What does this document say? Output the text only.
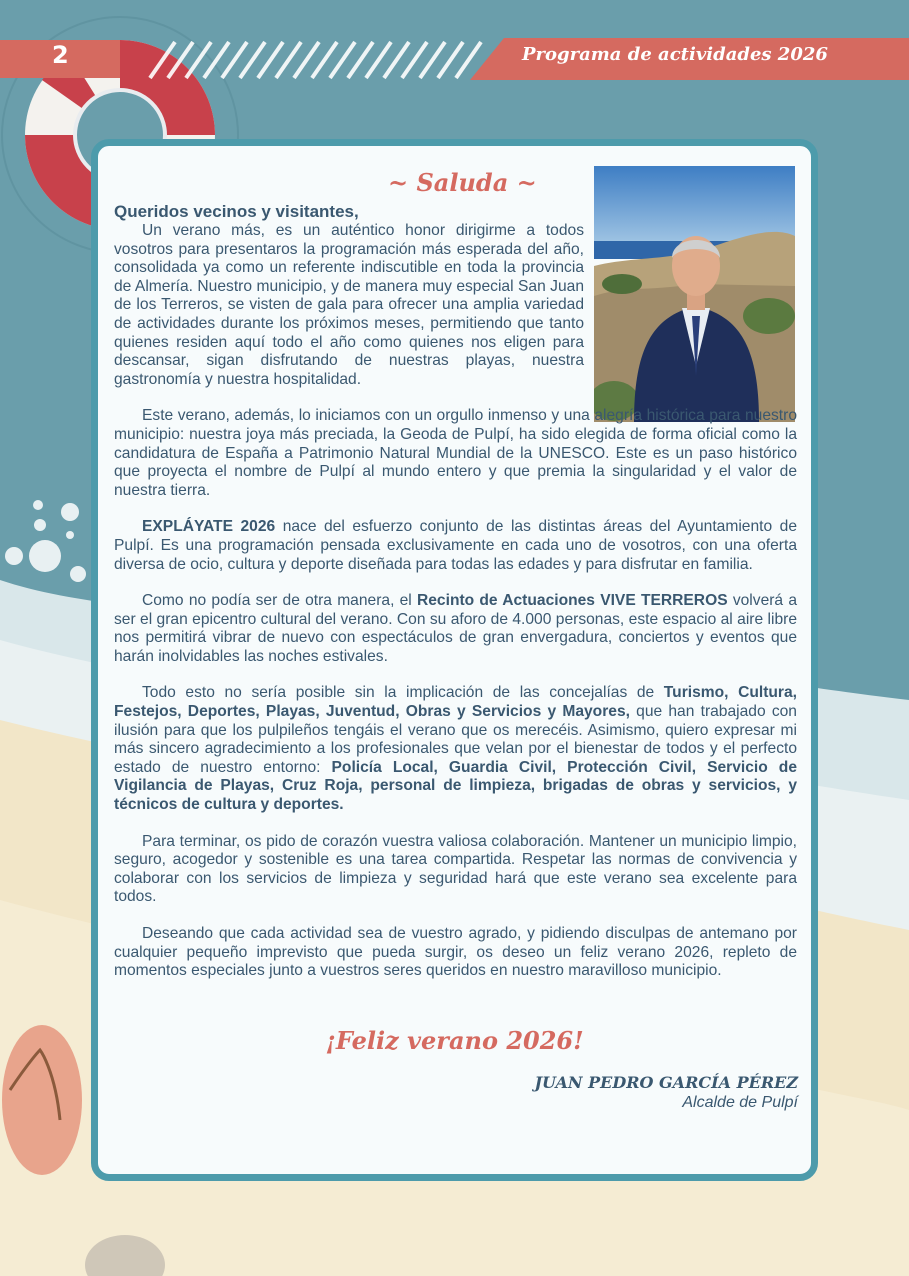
2	Programa de actividades 2026
~ Saluda ~

Queridos vecinos y visitantes,

Un verano más, es un auténtico honor dirigirme a todos vosotros para presentaros la programación más esperada del año, consolidada ya como un referente indiscutible en toda la provincia de Almería. Nuestro municipio, y de manera muy especial San Juan de los Terreros, se visten de gala para ofrecer una amplia variedad de actividades durante los próximos meses, permitiendo que tanto quienes residen aquí todo el año como quienes nos eligen para descansar, sigan disfrutando de nuestras playas, nuestra gastronomía y nuestra hospitalidad.

Este verano, además, lo iniciamos con un orgullo inmenso y una alegría histórica para nuestro municipio: nuestra joya más preciada, la Geoda de Pulpí, ha sido elegida de forma oficial como la candidatura de España a Patrimonio Natural Mundial de la UNESCO. Este es un paso histórico que proyecta el nombre de Pulpí al mundo entero y que premia la singularidad y el valor de nuestra tierra.

EXPLÁYATE 2026 nace del esfuerzo conjunto de las distintas áreas del Ayuntamiento de Pulpí. Es una programación pensada exclusivamente en cada uno de vosotros, con una oferta diversa de ocio, cultura y deporte diseñada para todas las edades y para disfrutar en familia.

Como no podía ser de otra manera, el Recinto de Actuaciones VIVE TERREROS volverá a ser el gran epicentro cultural del verano. Con su aforo de 4.000 personas, este espacio al aire libre nos permitirá vibrar de nuevo con espectáculos de gran envergadura, conciertos y eventos que harán inolvidables las noches estivales.

Todo esto no sería posible sin la implicación de las concejalías de Turismo, Cultura, Festejos, Deportes, Playas, Juventud, Obras y Servicios y Mayores, que han trabajado con ilusión para que los pulpileños tengáis el verano que os merecéis. Asimismo, quiero expresar mi más sincero agradecimiento a los profesionales que velan por el bienestar de todos y el perfecto estado de nuestro entorno: Policía Local, Guardia Civil, Protección Civil, Servicio de Vigilancia de Playas, Cruz Roja, personal de limpieza, brigadas de obras y servicios, y técnicos de cultura y deportes.

Para terminar, os pido de corazón vuestra valiosa colaboración. Mantener un municipio limpio, seguro, acogedor y sostenible es una tarea compartida. Respetar las normas de convivencia y colaborar con los servicios de limpieza y seguridad hará que este verano sea excelente para todos.

Deseando que cada actividad sea de vuestro agrado, y pidiendo disculpas de antemano por cualquier pequeño imprevisto que pueda surgir, os deseo un feliz verano 2026, repleto de momentos especiales junto a vuestros seres queridos en nuestro maravilloso municipio.

¡Feliz verano 2026!
JUAN PEDRO GARCÍA PÉREZ
Alcalde de Pulpí
